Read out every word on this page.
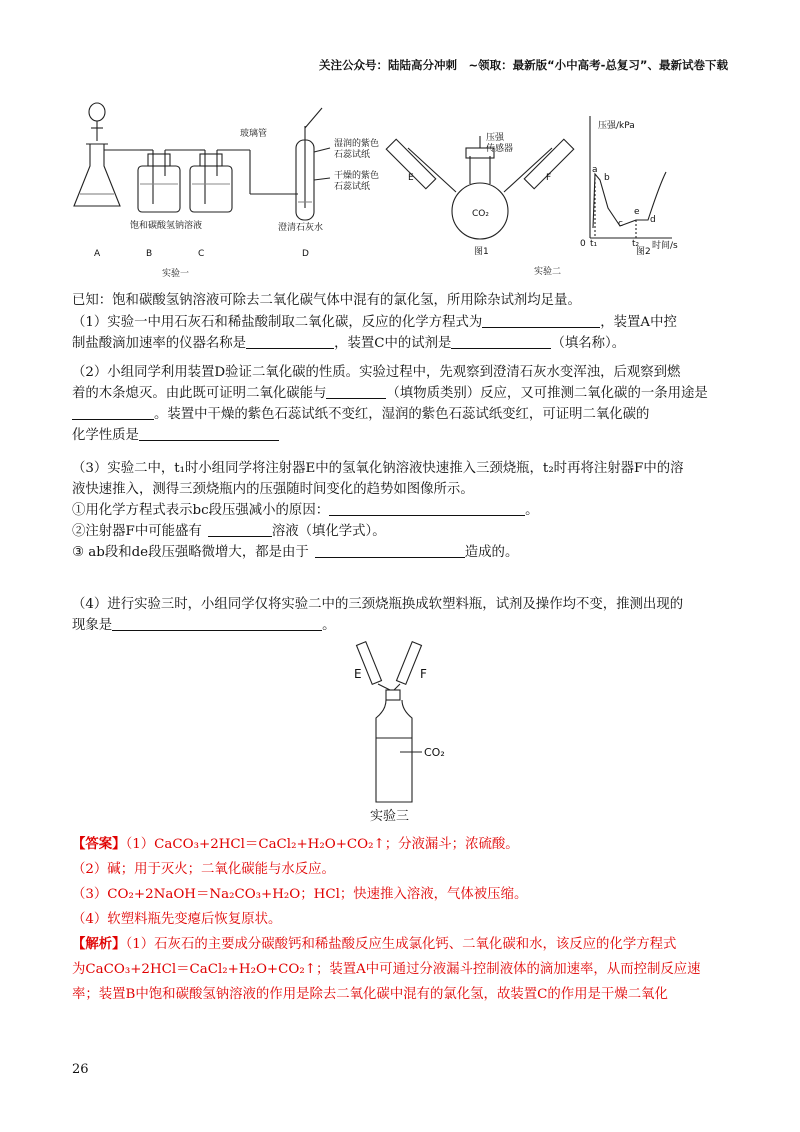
关注公众号：陆陆高分冲刺　~领取：最新版“小中高考-总复习”、最新试卷下载
玻璃管
湿润的紫色
石蕊试纸
干燥的紫色
石蕊试纸
饱和碳酸氢钠溶液	澄清石灰水
A	B	C	D
实验一
压强
传感器
E	F
CO₂
图1
压强/kPa
时间/s
a
b
c	d
e
0 t₁	t₂
图2
实验二

已知：饱和碳酸氢钠溶液可除去二氧化碳气体中混有的氯化氢，所用除杂试剂均足量。

（1）实验一中用石灰石和稀盐酸制取二氧化碳，反应的化学方程式为	，装置A中控
制盐酸滴加速率的仪器名称是	，装置C中的试剂是	（填名称）。

（2）小组同学利用装置D验证二氧化碳的性质。实验过程中，先观察到澄清石灰水变浑浊，后观察到燃
着的木条熄灭。由此既可证明二氧化碳能与	（填物质类别）反应，又可推测二氧化碳的一条用途是
。装置中干燥的紫色石蕊试纸不变红，湿润的紫色石蕊试纸变红，可证明二氧化碳的
化学性质是

（3）实验二中，t₁时小组同学将注射器E中的氢氧化钠溶液快速推入三颈烧瓶，t₂时再将注射器F中的溶
液快速推入，测得三颈烧瓶内的压强随时间变化的趋势如图像所示。
①用化学方程式表示bc段压强减小的原因：	。
②注射器F中可能盛有	溶液（填化学式）。
③ ab段和de段压强略微增大，都是由于	造成的。

（4）进行实验三时，小组同学仅将实验二中的三颈烧瓶换成软塑料瓶，试剂及操作均不变，推测出现的
现象是	。

E	F
CO₂
实验三

【答案】（1）CaCO₃+2HCl＝CaCl₂+H₂O+CO₂↑；分液漏斗；浓硫酸。

（2）碱；用于灭火；二氧化碳能与水反应。

（3）CO₂+2NaOH＝Na₂CO₃+H₂O；HCl；快速推入溶液，气体被压缩。

（4）软塑料瓶先变瘪后恢复原状。

【解析】（1）石灰石的主要成分碳酸钙和稀盐酸反应生成氯化钙、二氧化碳和水，该反应的化学方程式

为CaCO₃+2HCl＝CaCl₂+H₂O+CO₂↑；装置A中可通过分液漏斗控制液体的滴加速率，从而控制反应速

率；装置B中饱和碳酸氢钠溶液的作用是除去二氧化碳中混有的氯化氢，故装置C的作用是干燥二氧化

26
